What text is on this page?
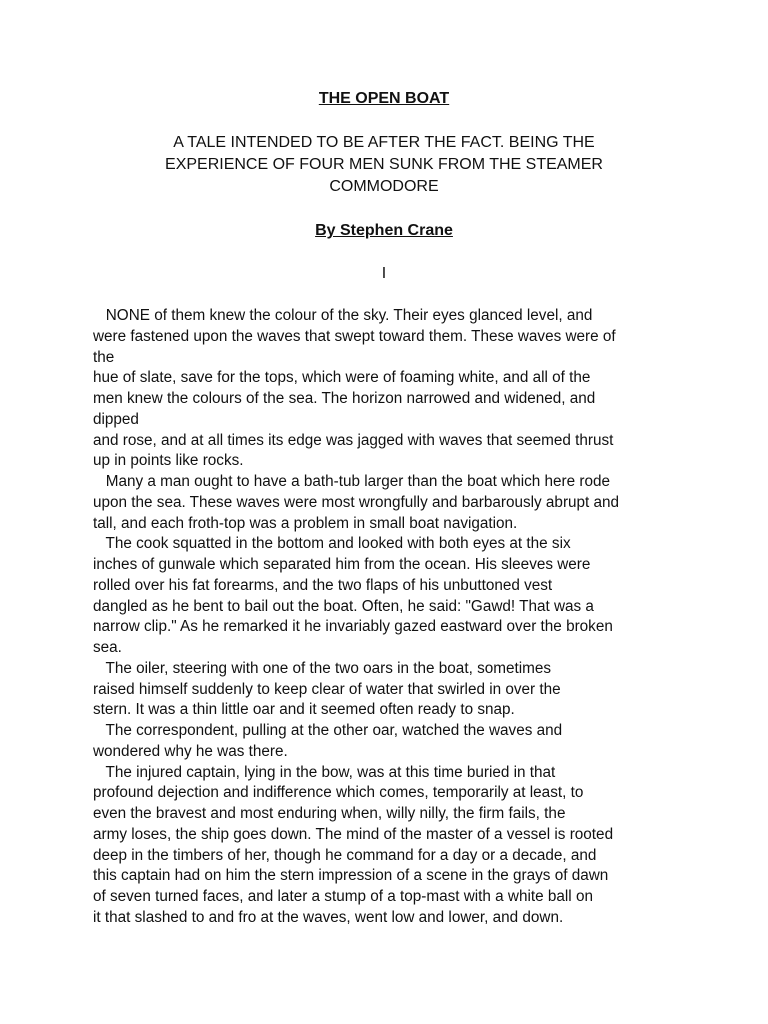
THE OPEN BOAT
A TALE INTENDED TO BE AFTER THE FACT. BEING THE
EXPERIENCE OF FOUR MEN SUNK FROM THE STEAMER
COMMODORE
By Stephen Crane
I
NONE of them knew the colour of the sky. Their eyes glanced level, and
were fastened upon the waves that swept toward them. These waves were of
the
hue of slate, save for the tops, which were of foaming white, and all of the
men knew the colours of the sea. The horizon narrowed and widened, and
dipped
and rose, and at all times its edge was jagged with waves that seemed thrust
up in points like rocks.
Many a man ought to have a bath-tub larger than the boat which here rode
upon the sea. These waves were most wrongfully and barbarously abrupt and
tall, and each froth-top was a problem in small boat navigation.
The cook squatted in the bottom and looked with both eyes at the six
inches of gunwale which separated him from the ocean. His sleeves were
rolled over his fat forearms, and the two flaps of his unbuttoned vest
dangled as he bent to bail out the boat. Often, he said: "Gawd! That was a
narrow clip." As he remarked it he invariably gazed eastward over the broken
sea.
The oiler, steering with one of the two oars in the boat, sometimes
raised himself suddenly to keep clear of water that swirled in over the
stern. It was a thin little oar and it seemed often ready to snap.
The correspondent, pulling at the other oar, watched the waves and
wondered why he was there.
The injured captain, lying in the bow, was at this time buried in that
profound dejection and indifference which comes, temporarily at least, to
even the bravest and most enduring when, willy nilly, the firm fails, the
army loses, the ship goes down. The mind of the master of a vessel is rooted
deep in the timbers of her, though he command for a day or a decade, and
this captain had on him the stern impression of a scene in the grays of dawn
of seven turned faces, and later a stump of a top-mast with a white ball on
it that slashed to and fro at the waves, went low and lower, and down.
